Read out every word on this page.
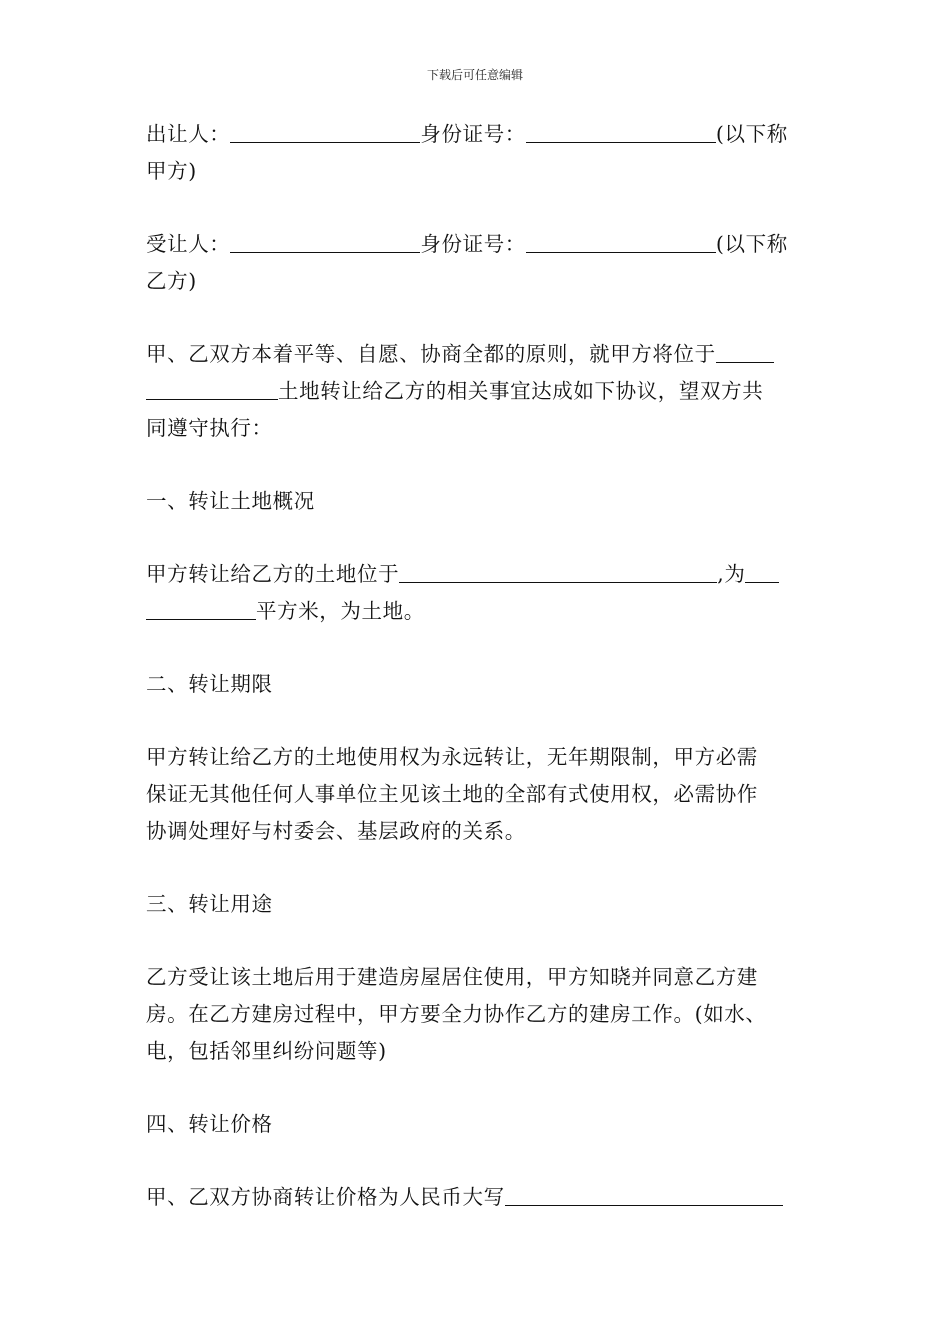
下载后可任意编辑
出让人：	身份证号：	(以下称
甲方)
受让人：	身份证号：	(以下称
乙方)
甲、乙双方本着平等、自愿、协商全都的原则，就甲方将位于
土地转让给乙方的相关事宜达成如下协议，望双方共
同遵守执行：
一、转让土地概况
甲方转让给乙方的土地位于	,为
平方米，为土地。
二、转让期限
甲方转让给乙方的土地使用权为永远转让，无年期限制，甲方必需
保证无其他任何人事单位主见该土地的全部有式使用权，必需协作
协调处理好与村委会、基层政府的关系。
三、转让用途
乙方受让该土地后用于建造房屋居住使用，甲方知晓并同意乙方建
房。在乙方建房过程中，甲方要全力协作乙方的建房工作。(如水、
电，包括邻里纠纷问题等)
四、转让价格
甲、乙双方协商转让价格为人民币大写
